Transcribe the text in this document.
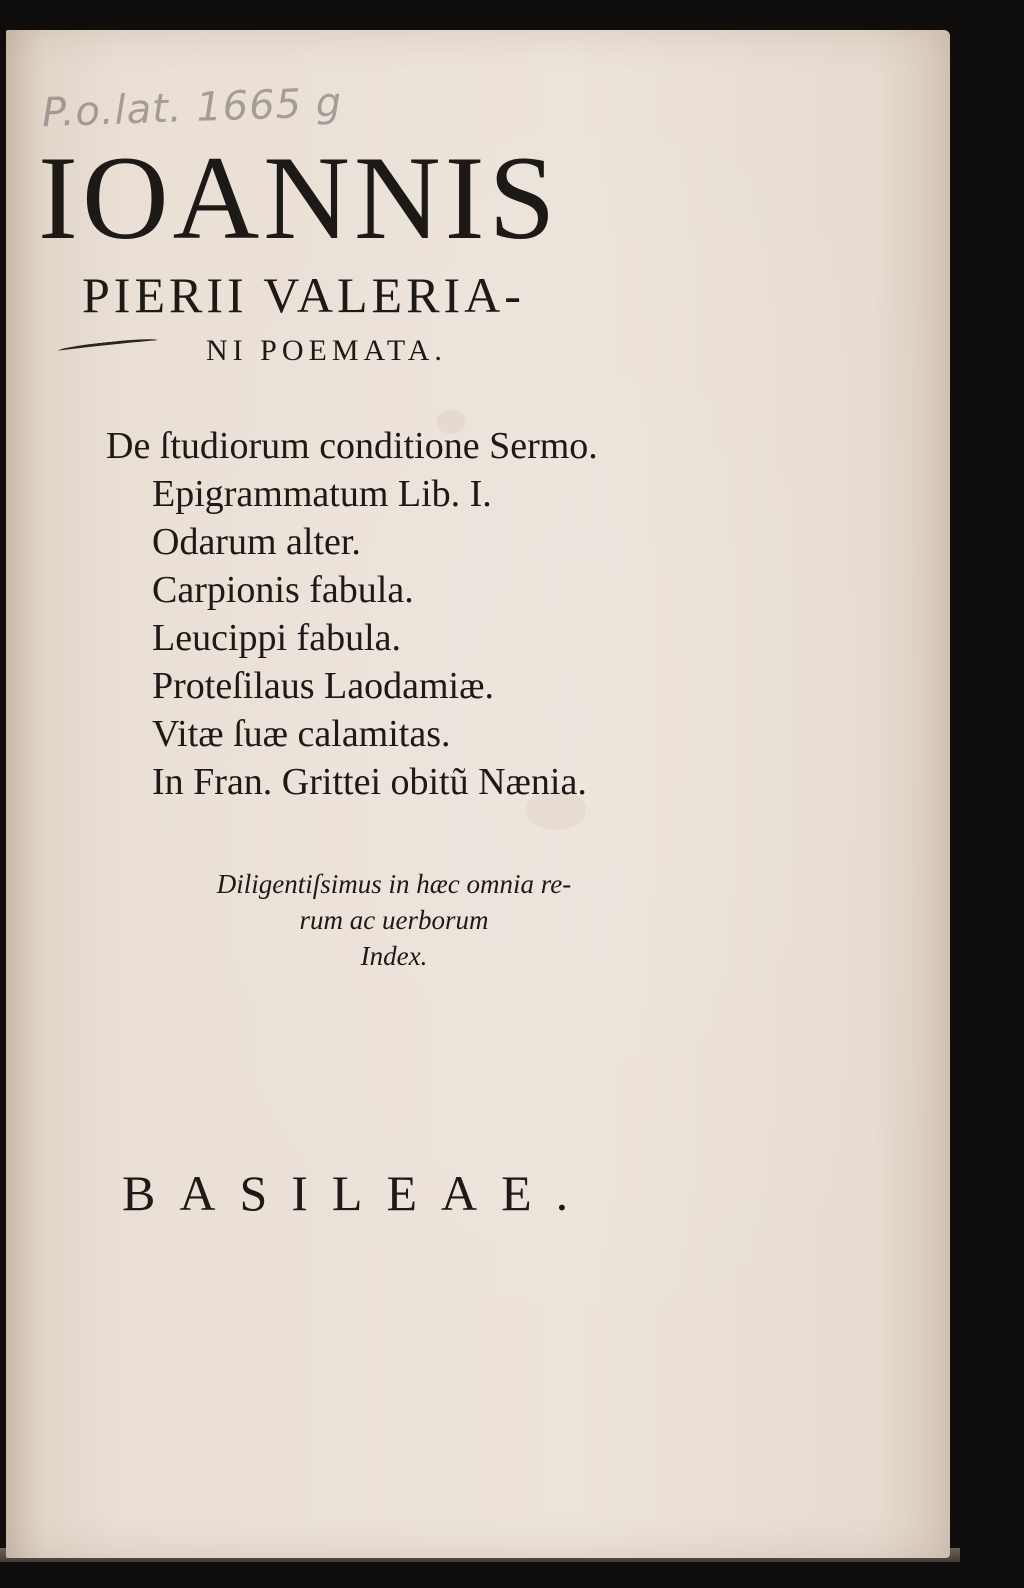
P.o.lat. 1665 g
IOANNIS
PIERII VALERIA-
NI POEMATA.
De ſtudiorum conditione Sermo.
Epigrammatum Lib. I.
Odarum alter.
Carpionis fabula.
Leucippi fabula.
Proteſilaus Laodamiæ.
Vitæ ſuæ calamitas.
In Fran. Grittei obitũ Nænia.
Diligentiſsimus in hæc omnia re-
rum ac uerborum
Index.
BASILEAE.
